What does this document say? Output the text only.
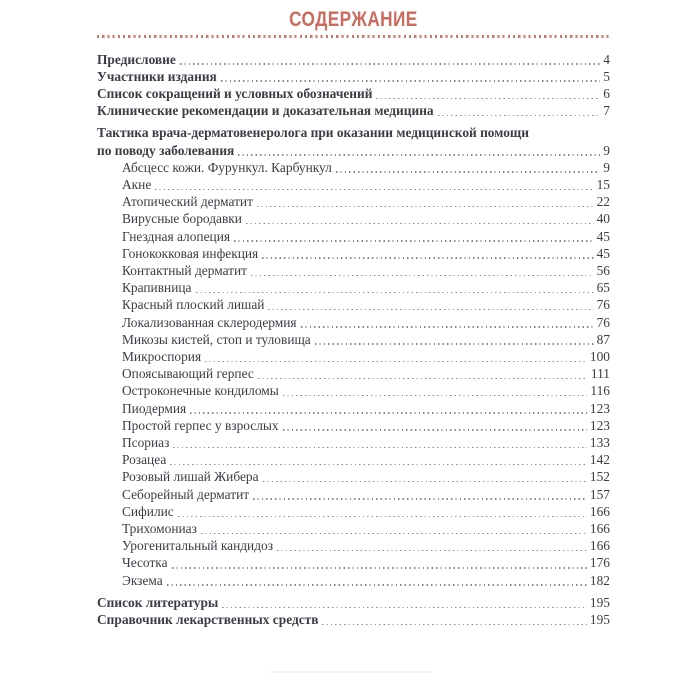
СОДЕРЖАНИЕ
Предисловие	4
Участники издания	5
Список сокращений и условных обозначений	6
Клинические рекомендации и доказательная медицина	7
Тактика врача-дерматовенеролога при оказании медицинской помощи
по поводу заболевания	9
Абсцесс кожи. Фурункул. Карбункул	9
Акне	15
Атопический дерматит	22
Вирусные бородавки	40
Гнездная алопеция	45
Гонококковая инфекция	45
Контактный дерматит	56
Крапивница	65
Красный плоский лишай	76
Локализованная склеродермия	76
Микозы кистей, стоп и туловища	87
Микроспория	100
Опоясывающий герпес	111
Остроконечные кондиломы	116
Пиодермия	123
Простой герпес у взрослых	123
Псориаз	133
Розацеа	142
Розовый лишай Жибера	152
Себорейный дерматит	157
Сифилис	166
Трихомониаз	166
Урогенитальный кандидоз	166
Чесотка	176
Экзема	182
Список литературы	195
Справочник лекарственных средств	195
